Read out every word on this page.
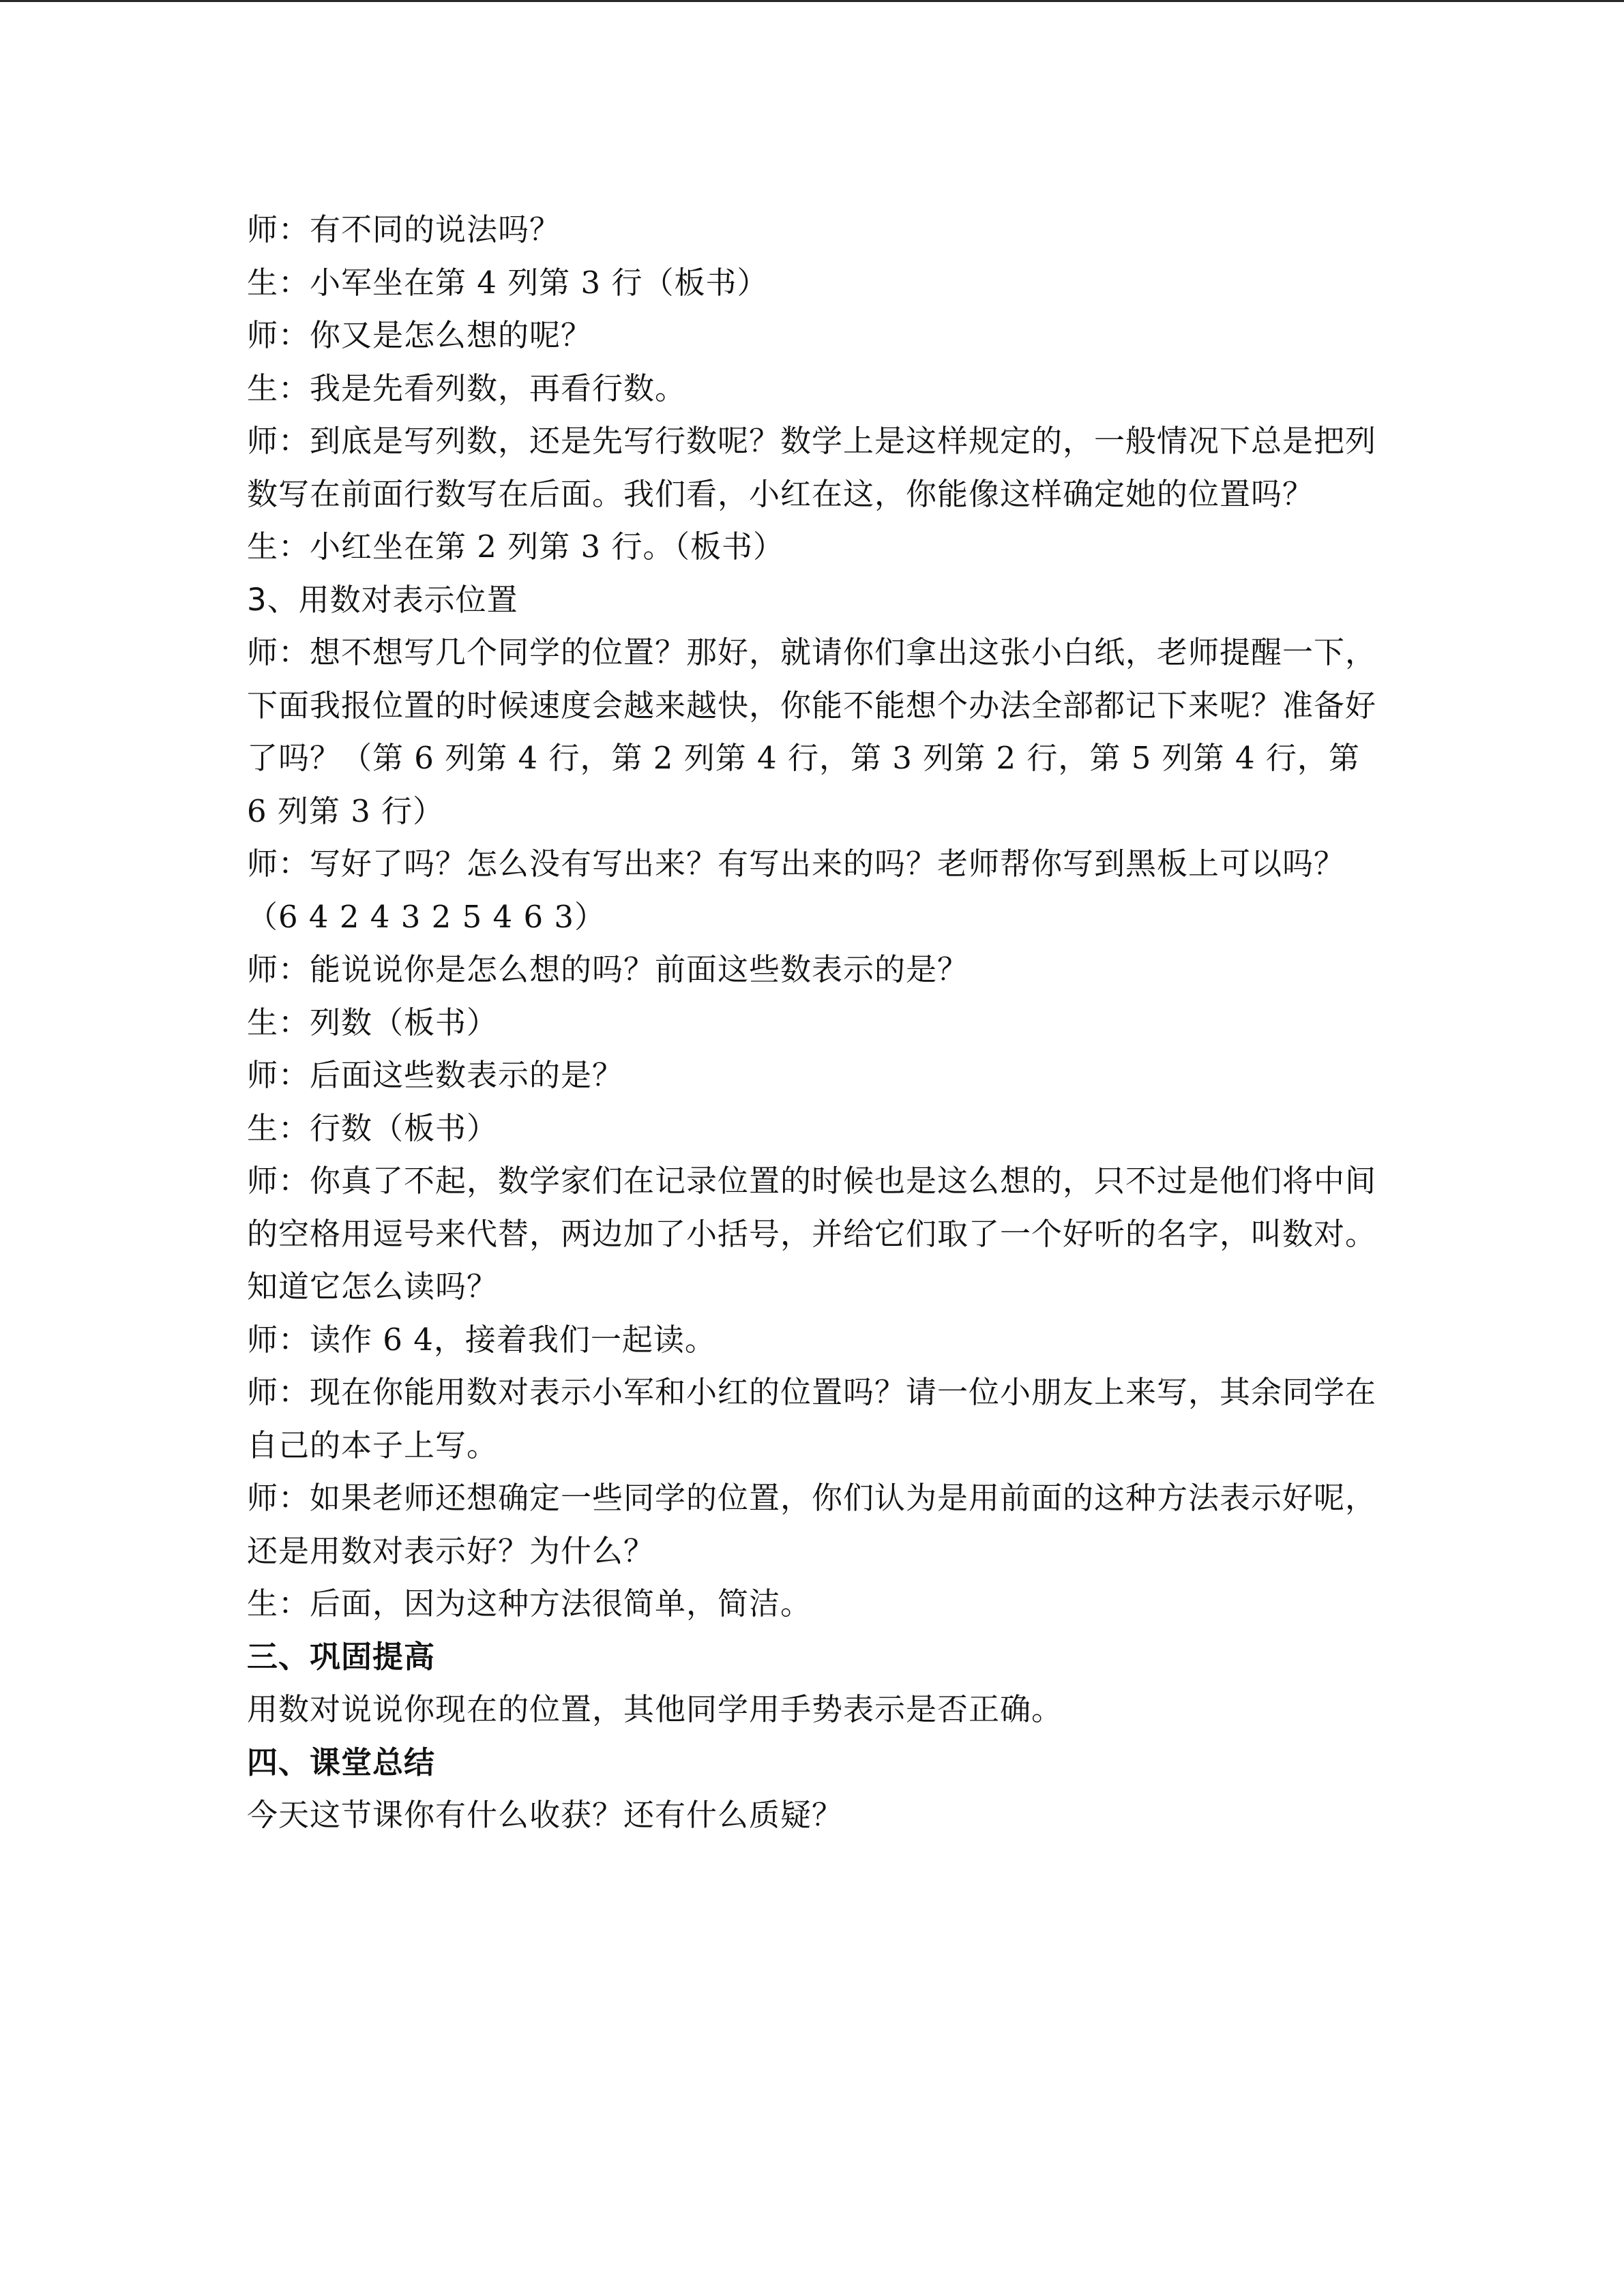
师：有不同的说法吗？

生：小军坐在第 4 列第 3 行（板书）

师：你又是怎么想的呢？

生：我是先看列数，再看行数。

师：到底是写列数，还是先写行数呢？数学上是这样规定的，一般情况下总是把列数写在前面行数写在后面。我们看，小红在这，你能像这样确定她的位置吗？

生：小红坐在第 2 列第 3 行。（板书）

3、用数对表示位置

师：想不想写几个同学的位置？那好，就请你们拿出这张小白纸，老师提醒一下，下面我报位置的时候速度会越来越快，你能不能想个办法全部都记下来呢？准备好了吗？（第 6 列第 4 行，第 2 列第 4 行，第 3 列第 2 行，第 5 列第 4 行，第 6 列第 3 行）

师：写好了吗？怎么没有写出来？有写出来的吗？老师帮你写到黑板上可以吗？（6 4 2 4 3 2 5 4 6 3）

师：能说说你是怎么想的吗？前面这些数表示的是？

生：列数（板书）

师：后面这些数表示的是？

生：行数（板书）

师：你真了不起，数学家们在记录位置的时候也是这么想的，只不过是他们将中间的空格用逗号来代替，两边加了小括号，并给它们取了一个好听的名字，叫数对。知道它怎么读吗？

师：读作 6 4，接着我们一起读。

师：现在你能用数对表示小军和小红的位置吗？请一位小朋友上来写，其余同学在自己的本子上写。

师：如果老师还想确定一些同学的位置，你们认为是用前面的这种方法表示好呢，还是用数对表示好？为什么？

生：后面，因为这种方法很简单，简洁。

三、巩固提高

用数对说说你现在的位置，其他同学用手势表示是否正确。

四、课堂总结

今天这节课你有什么收获？还有什么质疑？
